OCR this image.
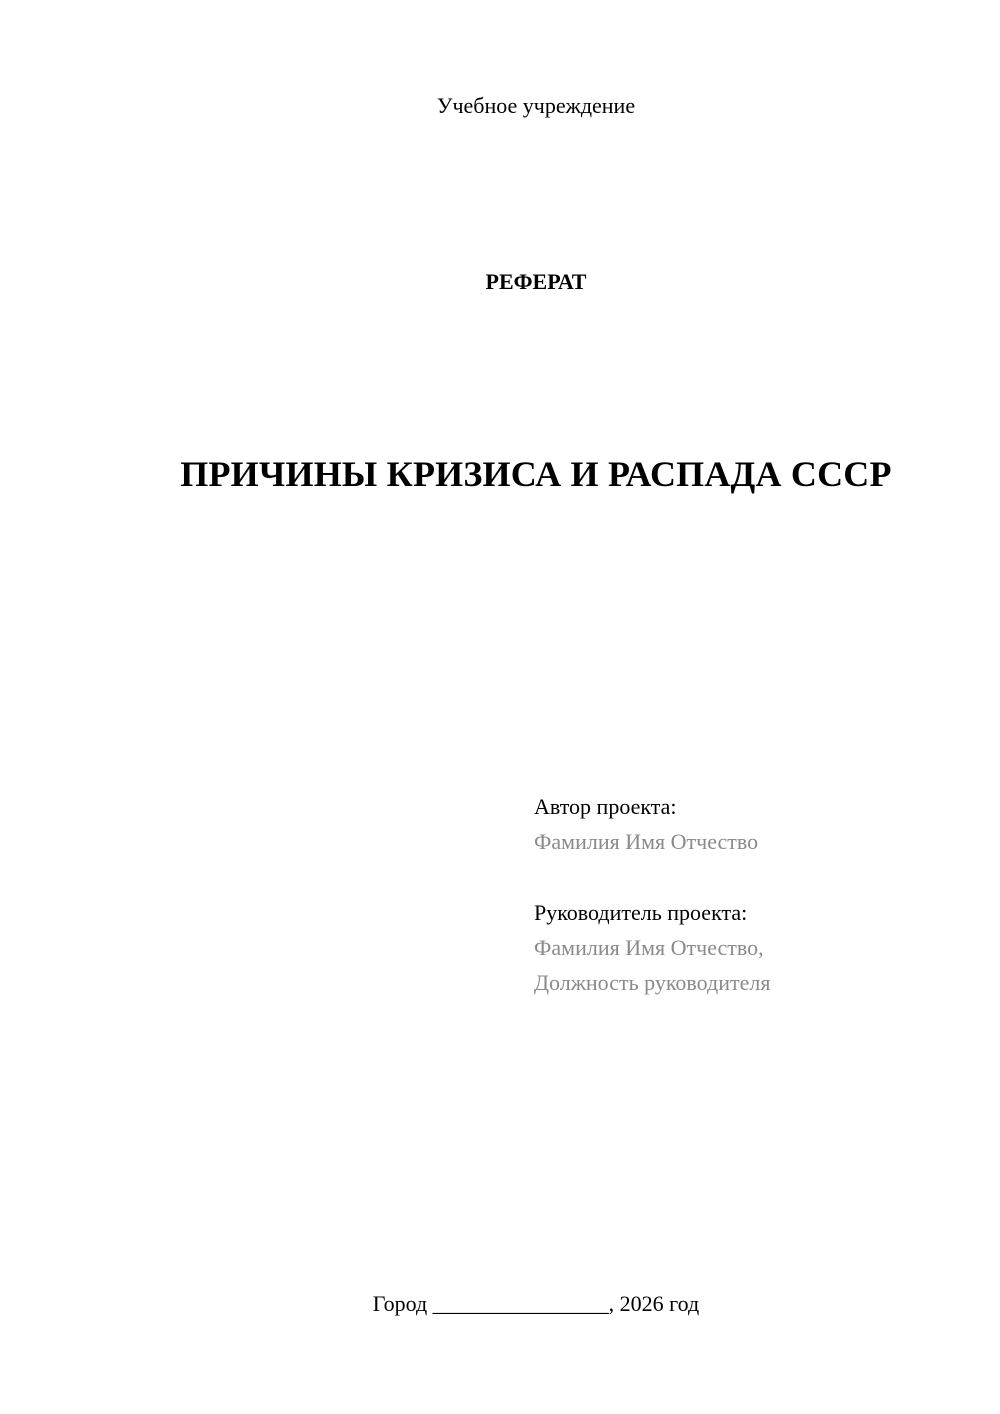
Учебное учреждение
РЕФЕРАТ
ПРИЧИНЫ КРИЗИСА И РАСПАДА СССР
Автор проекта:
Фамилия Имя Отчество
Руководитель проекта:
Фамилия Имя Отчество,
Должность руководителя
Город ________________, 2026 год
